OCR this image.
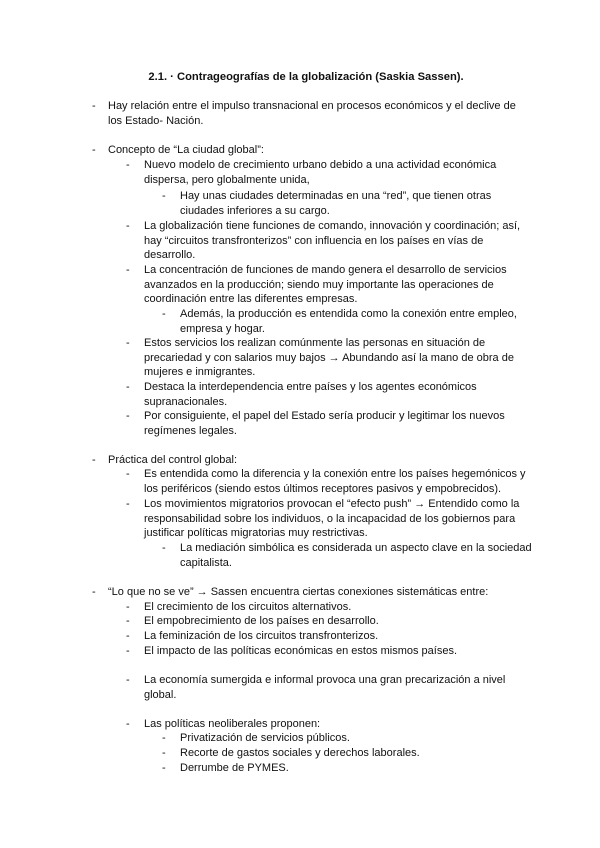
2.1. · Contrageografías de la globalización (Saskia Sassen).
- Hay relación entre el impulso transnacional en procesos económicos y el declive de los Estado- Nación.
- Concepto de “La ciudad global”:
- Nuevo modelo de crecimiento urbano debido a una actividad económica dispersa, pero globalmente unida,
- Hay unas ciudades determinadas en una “red”, que tienen otras ciudades inferiores a su cargo.
- La globalización tiene funciones de comando, innovación y coordinación; así, hay “circuitos transfronterizos” con influencia en los países en vías de desarrollo.
- La concentración de funciones de mando genera el desarrollo de servicios avanzados en la producción; siendo muy importante las operaciones de coordinación entre las diferentes empresas.
- Además, la producción es entendida como la conexión entre empleo, empresa y hogar.
- Estos servicios los realizan comúnmente las personas en situación de precariedad y con salarios muy bajos → Abundando así la mano de obra de mujeres e inmigrantes.
- Destaca la interdependencia entre países y los agentes económicos supranacionales.
- Por consiguiente, el papel del Estado sería producir y legitimar los nuevos regímenes legales.
- Práctica del control global:
- Es entendida como la diferencia y la conexión entre los países hegemónicos y los periféricos (siendo estos últimos receptores pasivos y empobrecidos).
- Los movimientos migratorios provocan el “efecto push” → Entendido como la responsabilidad sobre los individuos, o la incapacidad de los gobiernos para justificar políticas migratorias muy restrictivas.
- La mediación simbólica es considerada un aspecto clave en la sociedad capitalista.
- “Lo que no se ve” → Sassen encuentra ciertas conexiones sistemáticas entre:
- El crecimiento de los circuitos alternativos.
- El empobrecimiento de los países en desarrollo.
- La feminización de los circuitos transfronterizos.
- El impacto de las políticas económicas en estos mismos países.
- La economía sumergida e informal provoca una gran precarización a nivel global.
- Las políticas neoliberales proponen:
- Privatización de servicios públicos.
- Recorte de gastos sociales y derechos laborales.
- Derrumbe de PYMES.
